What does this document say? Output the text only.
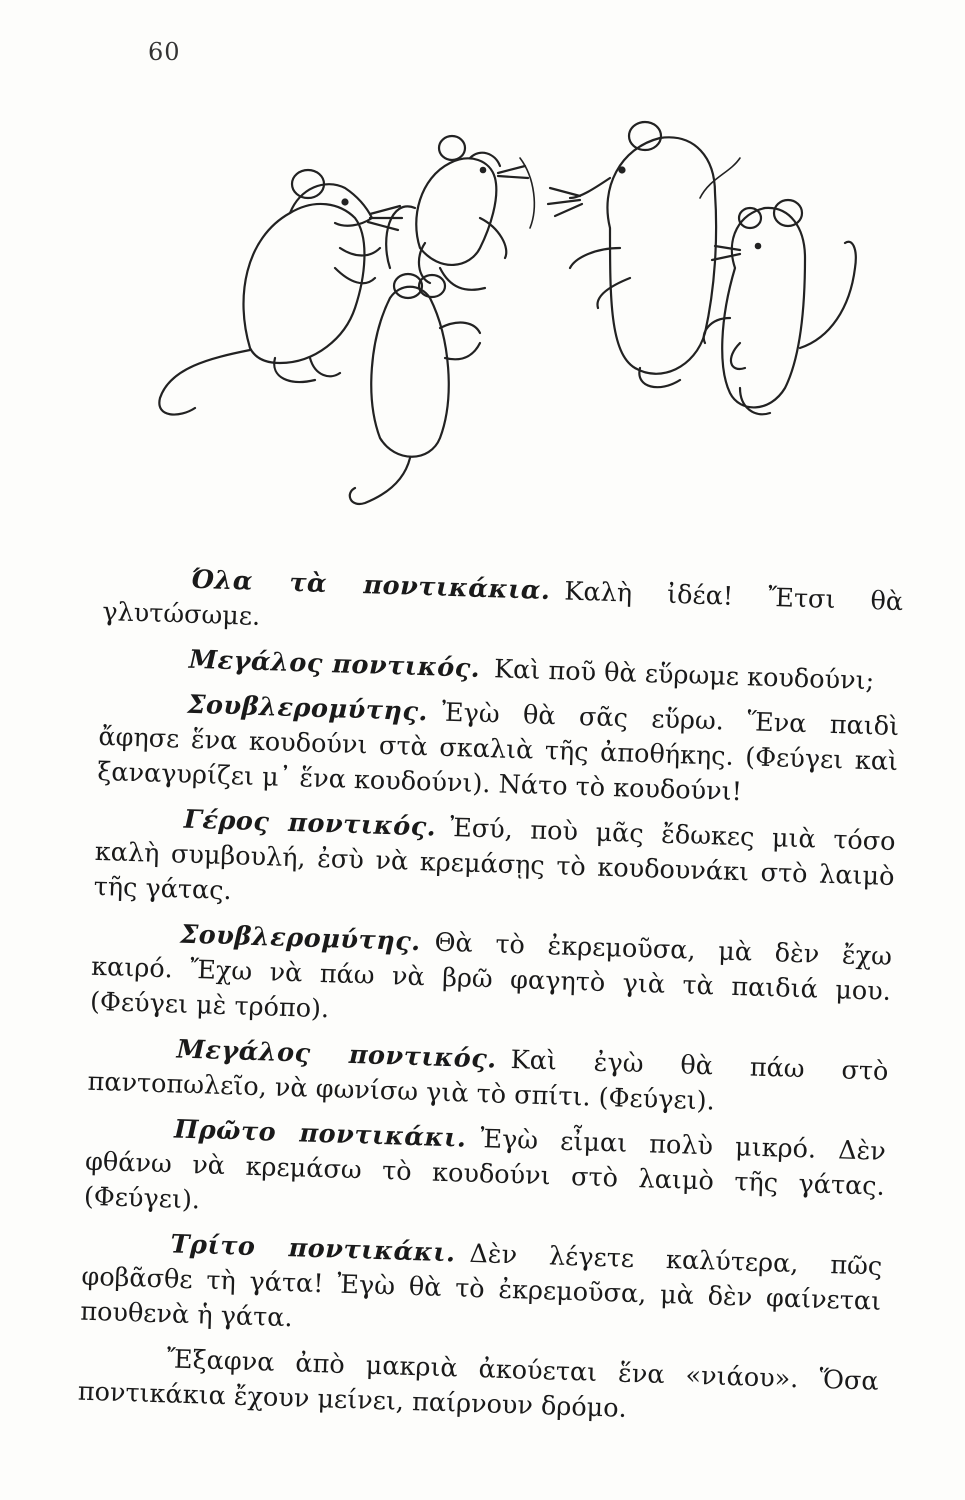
60

Όλα τὰ ποντικάκια. Καλὴ ἰδέα! Ἔτσι θὰ γλυτώσωμε.

Μεγάλος ποντικός. Καὶ ποῦ θὰ εὕρωμε κουδούνι;

Σουβλερομύτης. Ἐγὼ θὰ σᾶς εὕρω. Ἕνα παιδὶ ἄφησε ἕνα κουδούνι στὰ σκαλιὰ τῆς ἀποθήκης. (Φεύγει καὶ ξαναγυρίζει μ᾿ ἕνα κουδούνι). Νάτο τὸ κουδούνι!

Γέρος ποντικός. Ἐσύ, ποὺ μᾶς ἔδωκες μιὰ τόσο καλὴ συμβουλή, ἐσὺ νὰ κρεμάσῃς τὸ κουδουνάκι στὸ λαιμὸ τῆς γάτας.

Σουβλερομύτης. Θὰ τὸ ἐκρεμοῦσα, μὰ δὲν ἔχω καιρό. Ἔχω νὰ πάω νὰ βρῶ φαγητὸ γιὰ τὰ παιδιά μου. (Φεύγει μὲ τρόπο).

Μεγάλος ποντικός. Καὶ ἐγὼ θὰ πάω στὸ παντοπωλεῖο, νὰ φωνίσω γιὰ τὸ σπίτι. (Φεύγει).

Πρῶτο ποντικάκι. Ἐγὼ εἶμαι πολὺ μικρό. Δὲν φθάνω νὰ κρεμάσω τὸ κουδούνι στὸ λαιμὸ τῆς γάτας. (Φεύγει).

Τρίτο ποντικάκι. Δὲν λέγετε καλύτερα, πῶς φοβᾶσθε τὴ γάτα! Ἐγὼ θὰ τὸ ἐκρεμοῦσα, μὰ δὲν φαίνεται πουθενὰ ἡ γάτα.

Ἔξαφνα ἀπὸ μακριὰ ἀκούεται ἕνα «νιάου». Ὅσα ποντικάκια ἔχουν μείνει, παίρνουν δρόμο.
